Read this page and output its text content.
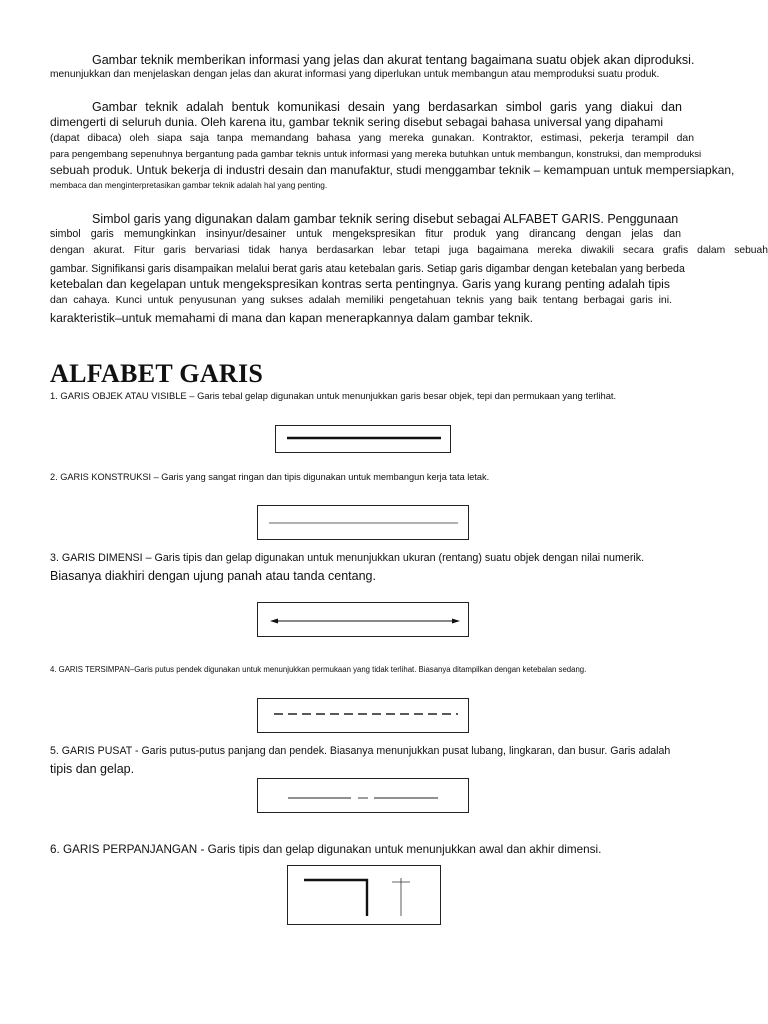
Gambar teknik memberikan informasi yang jelas dan akurat tentang bagaimana suatu objek akan diproduksi.

menunjukkan dan menjelaskan dengan jelas dan akurat informasi yang diperlukan untuk membangun atau memproduksi suatu produk.

Gambar teknik adalah bentuk komunikasi desain yang berdasarkan simbol garis yang diakui dan

dimengerti di seluruh dunia. Oleh karena itu, gambar teknik sering disebut sebagai bahasa universal yang dipahami

(dapat dibaca) oleh siapa saja tanpa memandang bahasa yang mereka gunakan. Kontraktor, estimasi, pekerja terampil dan

para pengembang sepenuhnya bergantung pada gambar teknis untuk informasi yang mereka butuhkan untuk membangun, konstruksi, dan memproduksi

sebuah produk. Untuk bekerja di industri desain dan manufaktur, studi menggambar teknik – kemampuan untuk mempersiapkan,

membaca dan menginterpretasikan gambar teknik adalah hal yang penting.

Simbol garis yang digunakan dalam gambar teknik sering disebut sebagai ALFABET GARIS. Penggunaan

simbol garis memungkinkan insinyur/desainer untuk mengekspresikan fitur produk yang dirancang dengan jelas dan

dengan akurat. Fitur garis bervariasi tidak hanya berdasarkan lebar tetapi juga bagaimana mereka diwakili secara grafis dalam sebuah

gambar. Signifikansi garis disampaikan melalui berat garis atau ketebalan garis. Setiap garis digambar dengan ketebalan yang berbeda

ketebalan dan kegelapan untuk mengekspresikan kontras serta pentingnya. Garis yang kurang penting adalah tipis

dan cahaya. Kunci untuk penyusunan yang sukses adalah memiliki pengetahuan teknis yang baik tentang berbagai garis ini.

karakteristik–untuk memahami di mana dan kapan menerapkannya dalam gambar teknik.

ALFABET GARIS

1. GARIS OBJEK ATAU VISIBLE – Garis tebal gelap digunakan untuk menunjukkan garis besar objek, tepi dan permukaan yang terlihat.

2. GARIS KONSTRUKSI – Garis yang sangat ringan dan tipis digunakan untuk membangun kerja tata letak.

3. GARIS DIMENSI – Garis tipis dan gelap digunakan untuk menunjukkan ukuran (rentang) suatu objek dengan nilai numerik.

Biasanya diakhiri dengan ujung panah atau tanda centang.

4. GARIS TERSIMPAN–Garis putus pendek digunakan untuk menunjukkan permukaan yang tidak terlihat. Biasanya ditampilkan dengan ketebalan sedang.

5. GARIS PUSAT - Garis putus-putus panjang dan pendek. Biasanya menunjukkan pusat lubang, lingkaran, dan busur. Garis adalah

tipis dan gelap.

6. GARIS PERPANJANGAN - Garis tipis dan gelap digunakan untuk menunjukkan awal dan akhir dimensi.
